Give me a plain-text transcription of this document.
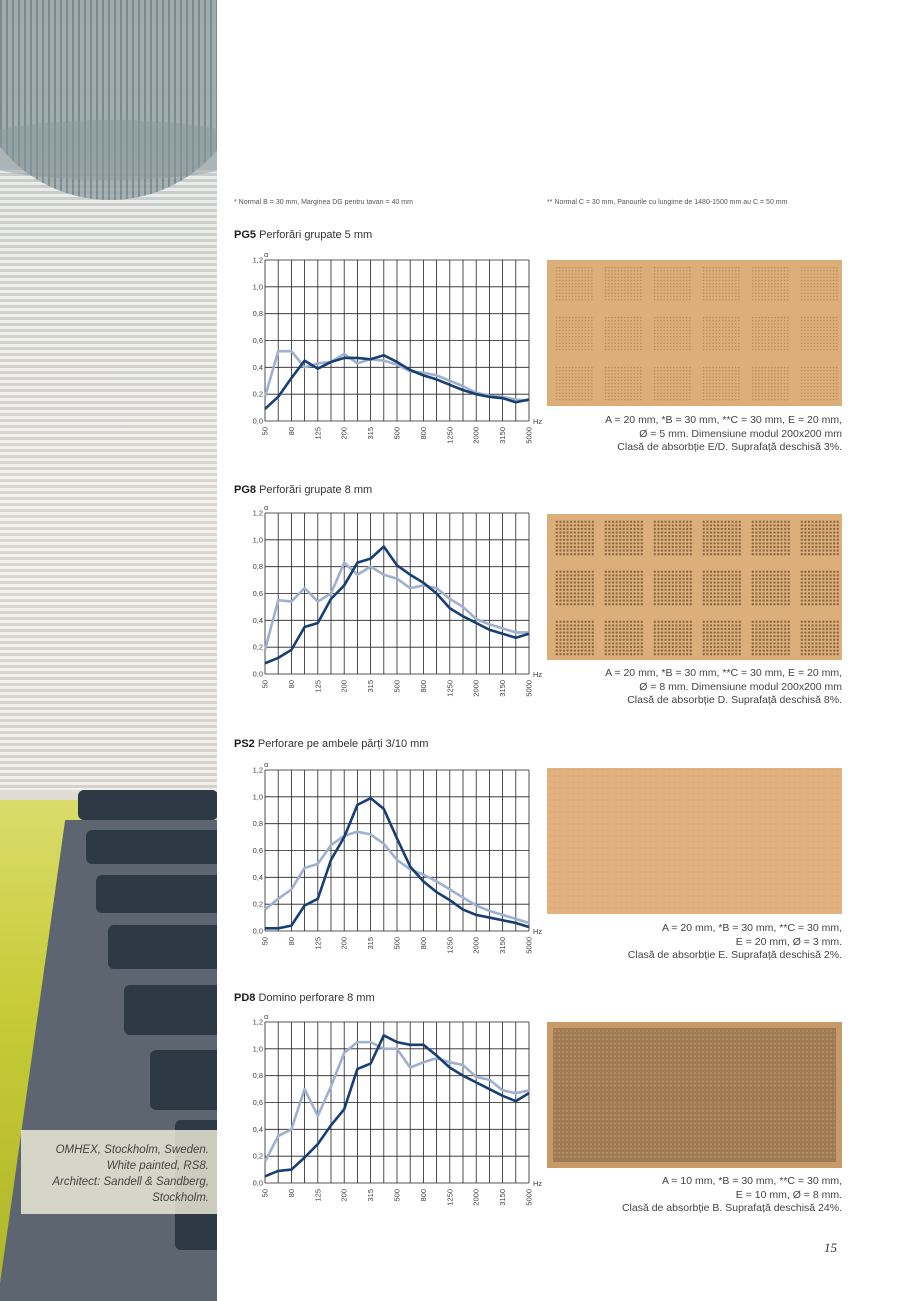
OMHEX, Stockholm, Sweden.
White painted, RS8.
Architect: Sandell & Sandberg,
Stockholm.
* Normal B = 30 mm, Marginea DG pentru tavan = 40 mm	** Normal C = 30 mm, Panourile cu lungime de 1480-1500 mm au C = 50 mm
PG5 Perforări grupate 5 mm
0,0
0,2
0,4
0,6
0,8
1,0
1,2
α
Hz
50 80 125 200 315 500 800 1250 2000 3150 5000
A = 20 mm, *B = 30 mm, **C = 30 mm, E = 20 mm,
Ø = 5 mm. Dimensiune modul 200x200 mm
Clasă de absorbție E/D. Suprafață deschisă 3%.
PG8 Perforări grupate 8 mm
0,0
0,2
0,4
0,6
0,8
1,0
1,2
α
Hz
50 80 125 200 315 500 800 1250 2000 3150 5000
A = 20 mm, *B = 30 mm, **C = 30 mm, E = 20 mm,
Ø = 8 mm. Dimensiune modul 200x200 mm
Clasă de absorbție D. Suprafață deschisă 8%.
PS2 Perforare pe ambele părți 3/10 mm
0,0
0,2
0,4
0,6
0,8
1,0
1,2
α
Hz
50 80 125 200 315 500 800 1250 2000 3150 5000
A = 20 mm, *B = 30 mm, **C = 30 mm,
E = 20 mm, Ø = 3 mm.
Clasă de absorbție E. Suprafață deschisă 2%.
PD8 Domino perforare 8 mm
0,0
0,2
0,4
0,6
0,8
1,0
1,2
α
Hz
50 80 125 200 315 500 800 1250 2000 3150 5000
A = 10 mm, *B = 30 mm, **C = 30 mm,
E = 10 mm, Ø = 8 mm.
Clasă de absorbție B. Suprafață deschisă 24%.
15
